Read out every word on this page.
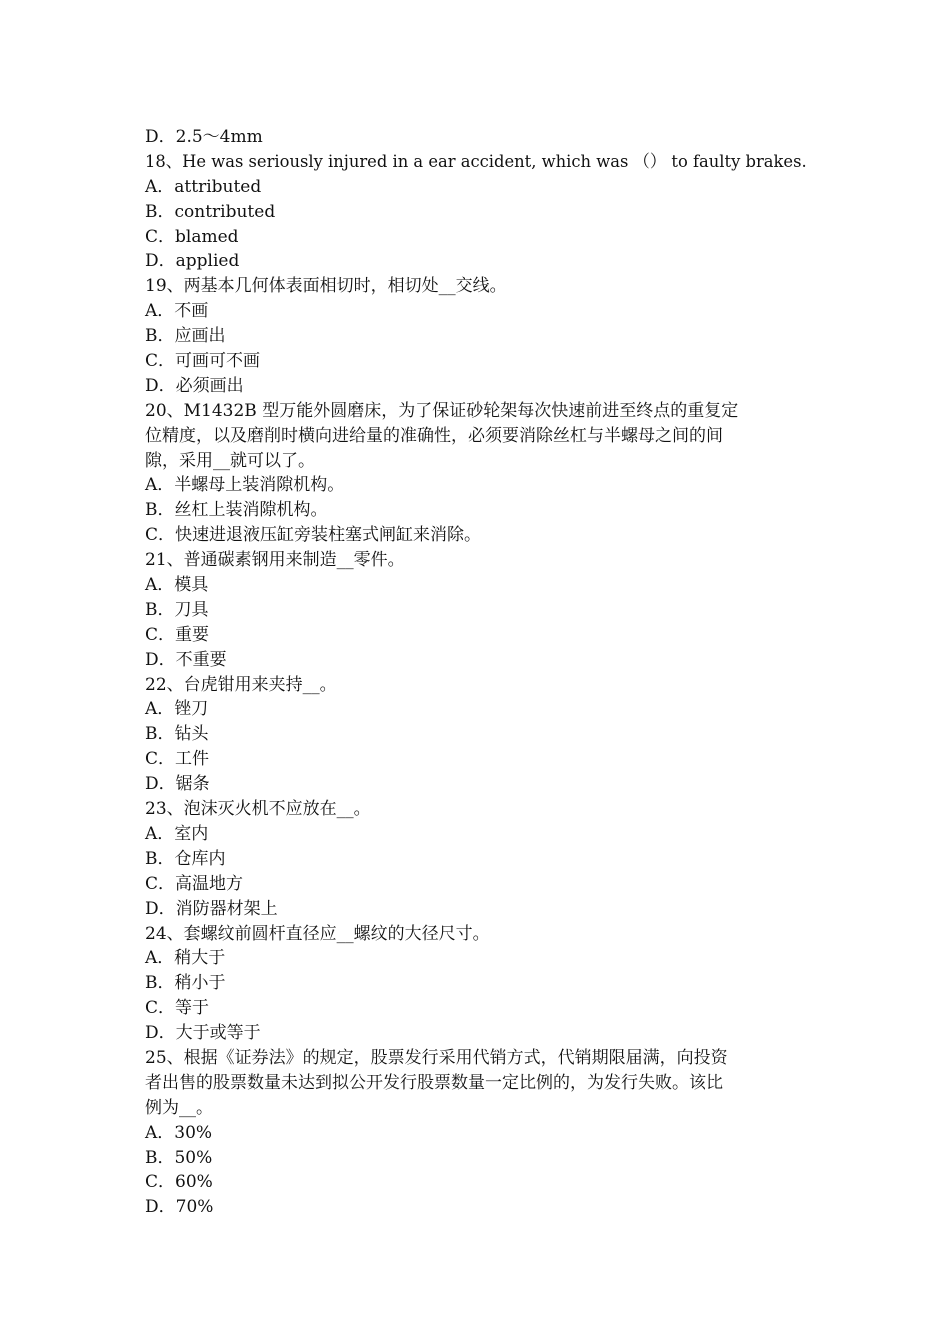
D．2.5～4mm
18、He was seriously injured in a ear accident, which was （） to faulty brakes.
A．attributed
B．contributed
C．blamed
D．applied
19、两基本几何体表面相切时，相切处__交线。
A．不画
B．应画出
C．可画可不画
D．必须画出
20、M1432B 型万能外圆磨床，为了保证砂轮架每次快速前进至终点的重复定
位精度，以及磨削时横向进给量的准确性，必须要消除丝杠与半螺母之间的间
隙，采用__就可以了。
A．半螺母上装消隙机构。
B．丝杠上装消隙机构。
C．快速进退液压缸旁装柱塞式闸缸来消除。
21、普通碳素钢用来制造__零件。
A．模具
B．刀具
C．重要
D．不重要
22、台虎钳用来夹持__。
A．锉刀
B．钻头
C．工件
D．锯条
23、泡沫灭火机不应放在__。
A．室内
B．仓库内
C．高温地方
D．消防器材架上
24、套螺纹前圆杆直径应__螺纹的大径尺寸。
A．稍大于
B．稍小于
C．等于
D．大于或等于
25、根据《证券法》的规定，股票发行采用代销方式，代销期限届满，向投资
者出售的股票数量未达到拟公开发行股票数量一定比例的，为发行失败。该比
例为__。
A．30%
B．50%
C．60%
D．70%
